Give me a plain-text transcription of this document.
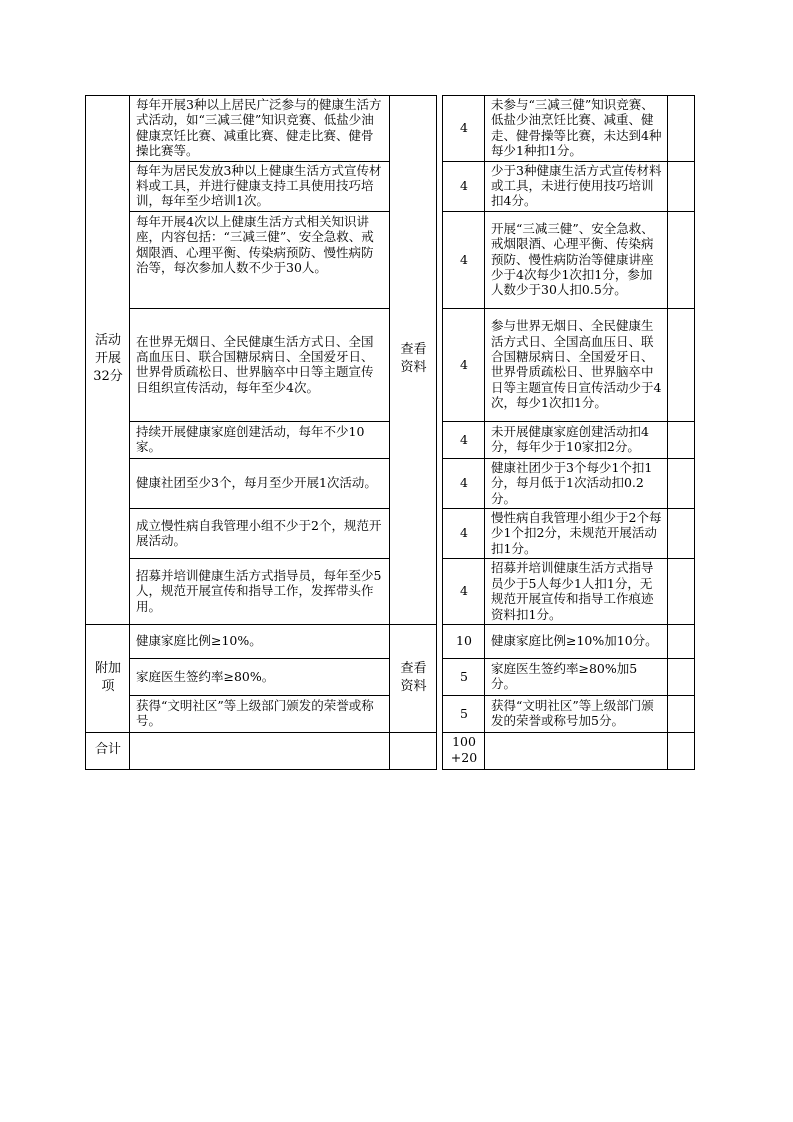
活动开展32分	每年开展3种以上居民广泛参与的健康生活方式活动，如“三减三健”知识竞赛、低盐少油健康烹饪比赛、减重比赛、健走比赛、健骨操比赛等。	查看资料		4	未参与“三减三健”知识竞赛、低盐少油烹饪比赛、减重、健走、健骨操等比赛，未达到4种每少1种扣1分。	
	每年为居民发放3种以上健康生活方式宣传材料或工具，并进行健康支持工具使用技巧培训，每年至少培训1次。			4	少于3种健康生活方式宣传材料或工具，未进行使用技巧培训扣4分。	
	每年开展4次以上健康生活方式相关知识讲座，内容包括：“三减三健”、安全急救、戒烟限酒、心理平衡、传染病预防、慢性病防治等，每次参加人数不少于30人。			4	开展“三减三健”、安全急救、戒烟限酒、心理平衡、传染病预防、慢性病防治等健康讲座少于4次每少1次扣1分，参加人数少于30人扣0.5分。	
	在世界无烟日、全民健康生活方式日、全国高血压日、联合国糖尿病日、全国爱牙日、世界骨质疏松日、世界脑卒中日等主题宣传日组织宣传活动，每年至少4次。			4	参与世界无烟日、全民健康生活方式日、全国高血压日、联合国糖尿病日、全国爱牙日、世界骨质疏松日、世界脑卒中日等主题宣传日宣传活动少于4次，每少1次扣1分。	
	持续开展健康家庭创建活动，每年不少10家。			4	未开展健康家庭创建活动扣4分，每年少于10家扣2分。	
	健康社团至少3个，每月至少开展1次活动。			4	健康社团少于3个每少1个扣1分，每月低于1次活动扣0.2分。	
	成立慢性病自我管理小组不少于2个，规范开展活动。			4	慢性病自我管理小组少于2个每少1个扣2分，未规范开展活动扣1分。	
	招募并培训健康生活方式指导员，每年至少5人，规范开展宣传和指导工作，发挥带头作用。			4	招募并培训健康生活方式指导员少于5人每少1人扣1分，无规范开展宣传和指导工作痕迹资料扣1分。	
附加项	健康家庭比例≥10%。	查看资料		10	健康家庭比例≥10%加10分。	
	家庭医生签约率≥80%。			5	家庭医生签约率≥80%加5分。	
	获得“文明社区”等上级部门颁发的荣誉或称号。			5	获得“文明社区”等上级部门颁发的荣誉或称号加5分。	
合计				100+20		
